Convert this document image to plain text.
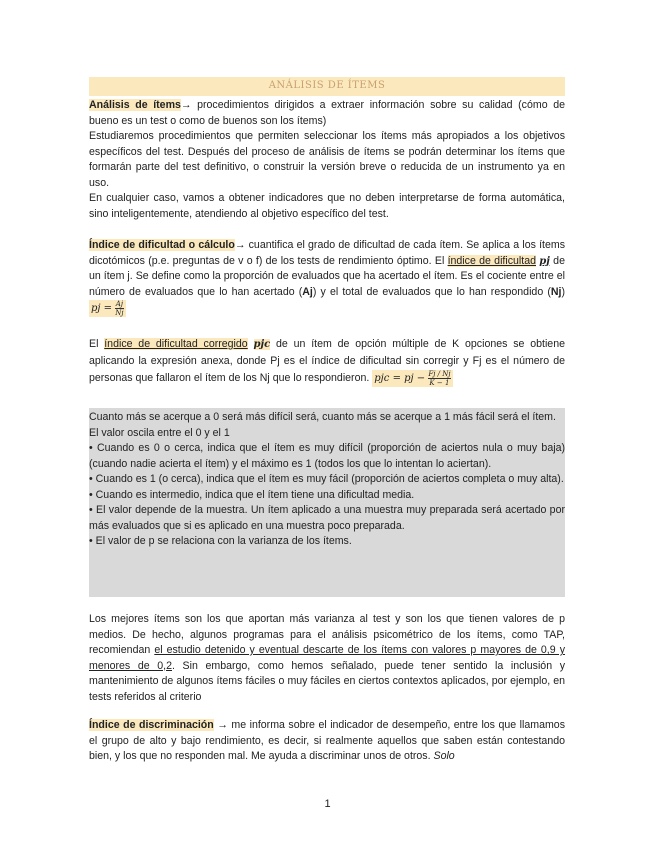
ANÁLISIS DE ÍTEMS
Análisis de ítems→ procedimientos dirigidos a extraer información sobre su calidad (cómo de bueno es un test o como de buenos son los ítems)
Estudiaremos procedimientos que permiten seleccionar los ítems más apropiados a los objetivos específicos del test. Después del proceso de análisis de ítems se podrán determinar los ítems que formarán parte del test definitivo, o construir la versión breve o reducida de un instrumento ya en uso.
En cualquier caso, vamos a obtener indicadores que no deben interpretarse de forma automática, sino inteligentemente, atendiendo al objetivo específico del test.
Índice de dificultad o cálculo→ cuantifica el grado de dificultad de cada ítem. Se aplica a los ítems dicotómicos (p.e. preguntas de v o f) de los tests de rendimiento óptimo. El índice de dificultad pj de un ítem j. Se define como la proporción de evaluados que ha acertado el ítem. Es el cociente entre el número de evaluados que lo han acertado (Aj) y el total de evaluados que lo han respondido (Nj) pj = $\frac{Aj}{Nj}$
El índice de dificultad corregido pjc de un ítem de opción múltiple de K opciones se obtiene aplicando la expresión anexa, donde Pj es el índice de dificultad sin corregir y Fj es el número de personas que fallaron el ítem de los Nj que lo respondieron. pjc = pj − $\frac{Fj / Nj}{K - 1}$
Cuanto más se acerque a 0 será más difícil será, cuanto más se acerque a 1 más fácil será el ítem.
El valor oscila entre el 0 y el 1
• Cuando es 0 o cerca, indica que el ítem es muy difícil (proporción de aciertos nula o muy baja) (cuando nadie acierta el ítem) y el máximo es 1 (todos los que lo intentan lo aciertan).
• Cuando es 1 (o cerca), indica que el ítem es muy fácil (proporción de aciertos completa o muy alta).
• Cuando es intermedio, indica que el ítem tiene una dificultad media.
• El valor depende de la muestra. Un ítem aplicado a una muestra muy preparada será acertado por más evaluados que si es aplicado en una muestra poco preparada.
• El valor de p se relaciona con la varianza de los ítems.
Los mejores ítems son los que aportan más varianza al test y son los que tienen valores de p medios. De hecho, algunos programas para el análisis psicométrico de los ítems, como TAP, recomiendan el estudio detenido y eventual descarte de los ítems con valores p mayores de 0,9 y menores de 0,2. Sin embargo, como hemos señalado, puede tener sentido la inclusión y mantenimiento de algunos ítems fáciles o muy fáciles en ciertos contextos aplicados, por ejemplo, en tests referidos al criterio
Índice de discriminación → me informa sobre el indicador de desempeño, entre los que llamamos el grupo de alto y bajo rendimiento, es decir, si realmente aquellos que saben están contestando bien, y los que no responden mal. Me ayuda a discriminar unos de otros. Solo
1
